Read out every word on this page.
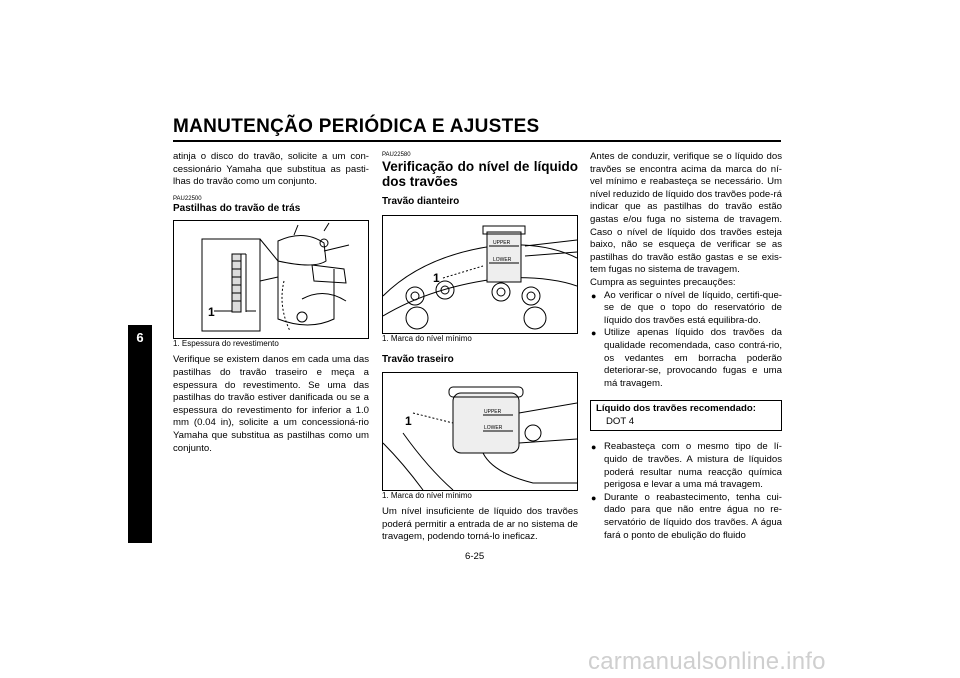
MANUTENÇÃO PERIÓDICA E AJUSTES
6

atinja o disco do travão, solicite a um con-cessionário Yamaha que substitua as pasti-lhas do travão como um conjunto.

PAU22500

Pastilhas do travão de trás

1

1. Espessura do revestimento

Verifique se existem danos em cada uma das pastilhas do travão traseiro e meça a espessura do revestimento. Se uma das pastilhas do travão estiver danificada ou se a espessura do revestimento for inferior a 1.0 mm (0.04 in), solicite a um concessioná-rio Yamaha que substitua as pastilhas como um conjunto.

PAU22580

Verificação do nível de líquido dos travões

Travão dianteiro

UPPER
LOWER
1

1. Marca do nível mínimo

Travão traseiro

UPPER
LOWER
1

1. Marca do nível mínimo

Um nível insuficiente de líquido dos travões poderá permitir a entrada de ar no sistema de travagem, podendo torná-lo ineficaz.

Antes de conduzir, verifique se o líquido dos travões se encontra acima da marca do ní-vel mínimo e reabasteça se necessário. Um nível reduzido de líquido dos travões pode-rá indicar que as pastilhas do travão estão gastas e/ou fuga no sistema de travagem. Caso o nível de líquido dos travões esteja baixo, não se esqueça de verificar se as pastilhas do travão estão gastas e se exis-tem fugas no sistema de travagem.

Cumpra as seguintes precauções:

● Ao verificar o nível de líquido, certifi-que-se de que o topo do reservatório de líquido dos travões está equilibra-do.
● Utilize apenas líquido dos travões da qualidade recomendada, caso contrá-rio, os vedantes em borracha poderão deteriorar-se, provocando fugas e uma má travagem.
Líquido dos travões recomendado:
DOT 4
● Reabasteça com o mesmo tipo de lí-quido de travões. A mistura de líquidos poderá resultar numa reacção química perigosa e levar a uma má travagem.
● Durante o reabastecimento, tenha cui-dado para que não entre água no re-servatório de líquido dos travões. A água fará o ponto de ebulição do fluido
6-25
carmanualsonline.info
